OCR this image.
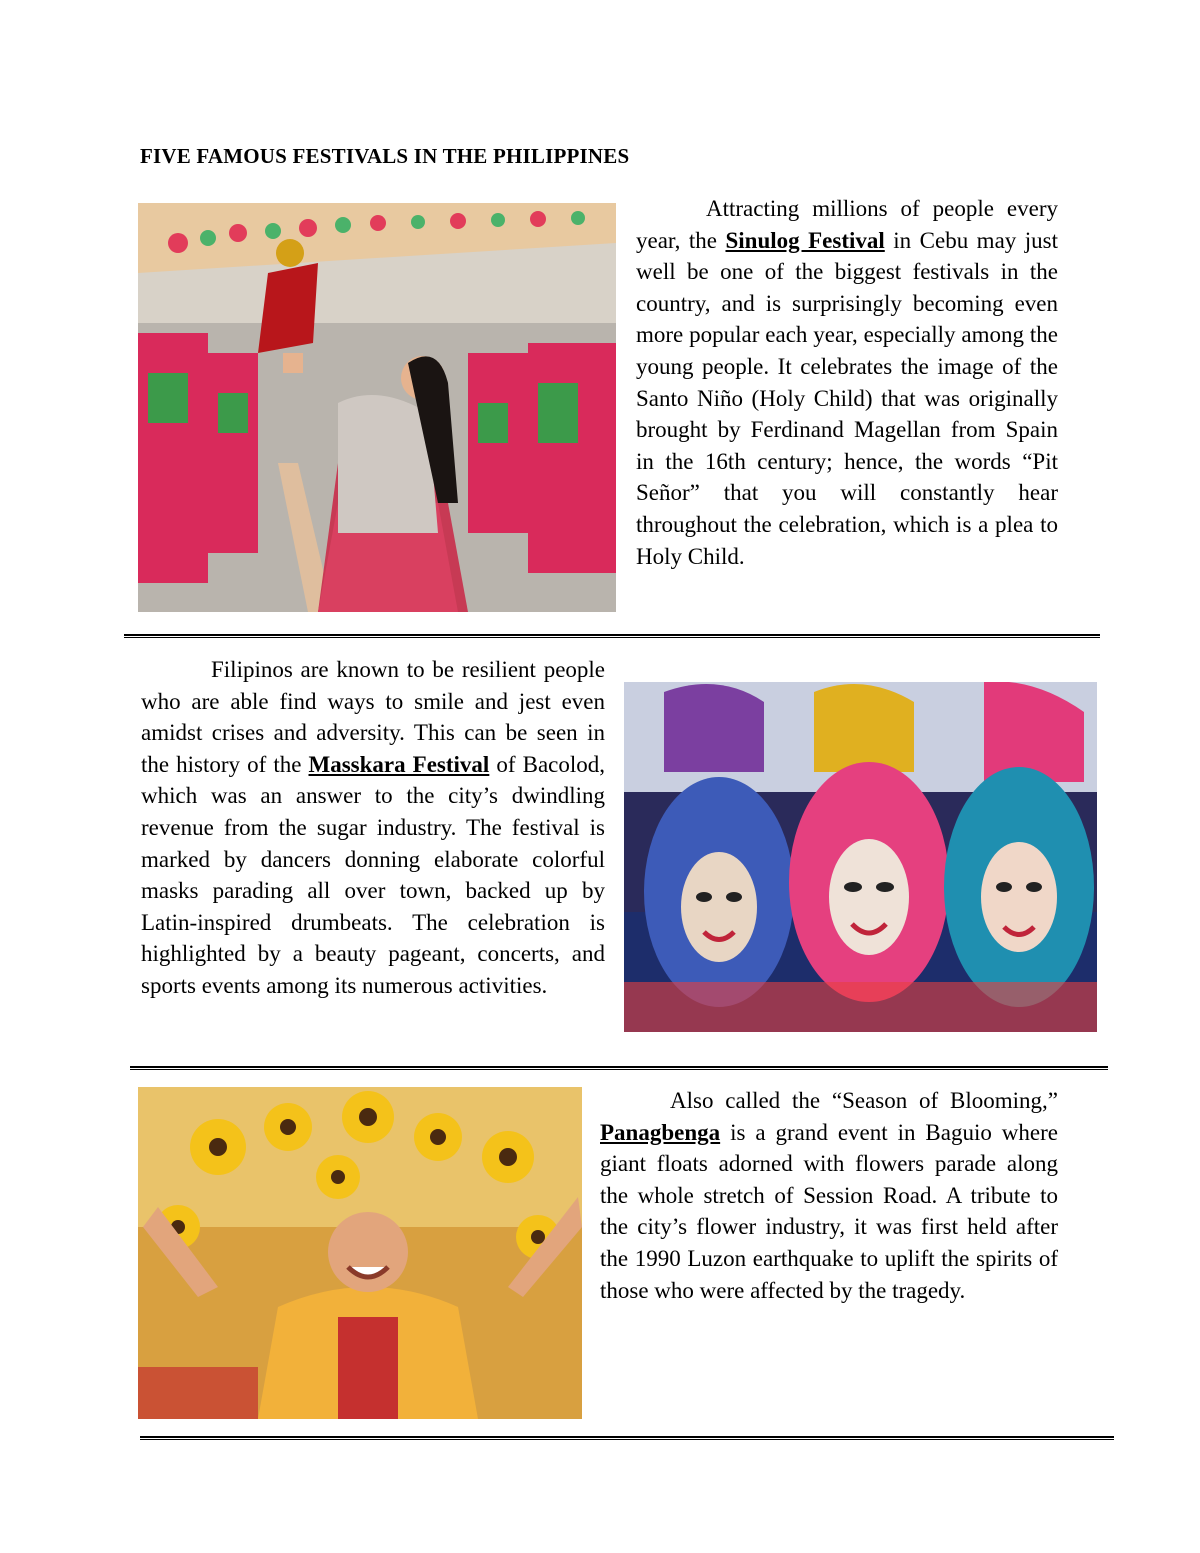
FIVE FAMOUS FESTIVALS IN THE PHILIPPINES

Attracting millions of people every year, the Sinulog Festival in Cebu may just well be one of the biggest festivals in the country, and is surprisingly becoming even more popular each year, especially among the young people. It celebrates the image of the Santo Niño (Holy Child) that was originally brought by Ferdinand Magellan from Spain in the 16th century; hence, the words “Pit Señor” that you will constantly hear throughout the celebration, which is a plea to Holy Child.

Filipinos are known to be resilient people who are able find ways to smile and jest even amidst crises and adversity. This can be seen in the history of the Masskara Festival of Bacolod, which was an answer to the city’s dwindling revenue from the sugar industry. The festival is marked by dancers donning elaborate colorful masks parading all over town, backed up by Latin-inspired drumbeats. The celebration is highlighted by a beauty pageant, concerts, and sports events among its numerous activities.

Also called the “Season of Blooming,” Panagbenga is a grand event in Baguio where giant floats adorned with flowers parade along the whole stretch of Session Road. A tribute to the city’s flower industry, it was first held after the 1990 Luzon earthquake to uplift the spirits of those who were affected by the tragedy.
